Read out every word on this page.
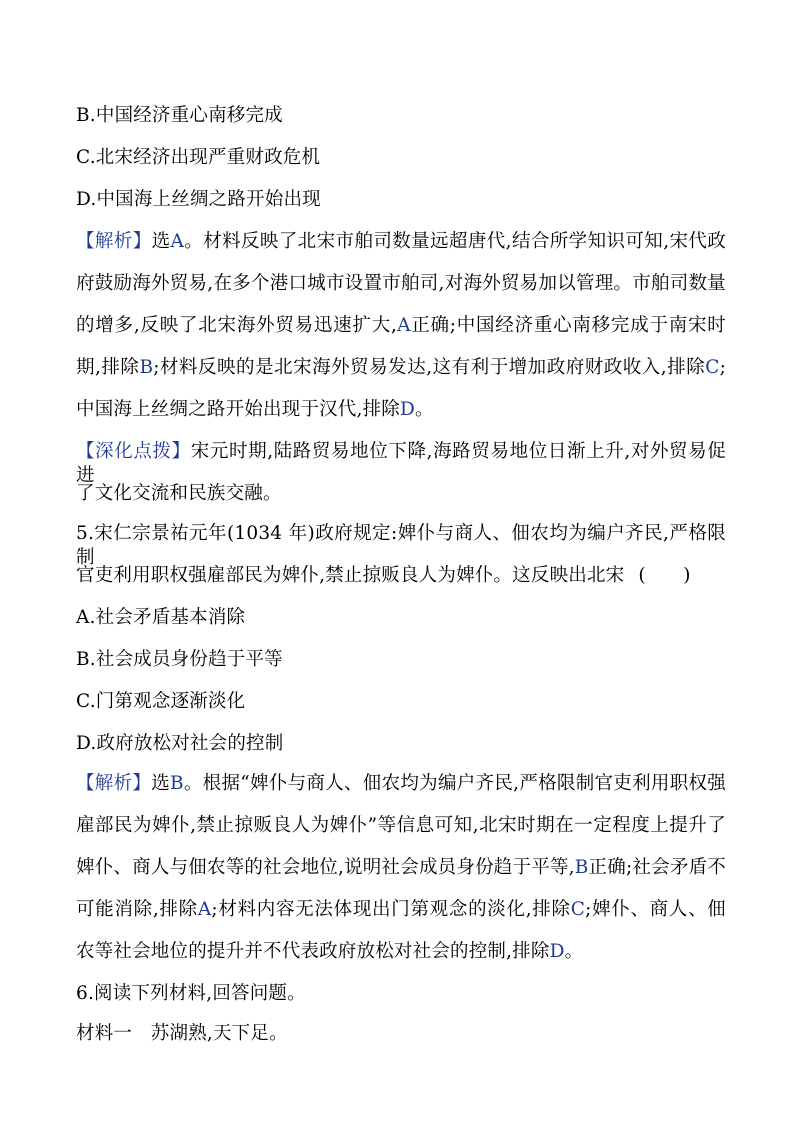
B.中国经济重心南移完成
C.北宋经济出现严重财政危机
D.中国海上丝绸之路开始出现
【解析】选A。材料反映了北宋市舶司数量远超唐代,结合所学知识可知,宋代政
府鼓励海外贸易,在多个港口城市设置市舶司,对海外贸易加以管理。市舶司数量
的增多,反映了北宋海外贸易迅速扩大,A正确;中国经济重心南移完成于南宋时
期,排除B;材料反映的是北宋海外贸易发达,这有利于增加政府财政收入,排除C;
中国海上丝绸之路开始出现于汉代,排除D。
【深化点拨】宋元时期,陆路贸易地位下降,海路贸易地位日渐上升,对外贸易促进
了文化交流和民族交融。
5.宋仁宗景祐元年(1034 年)政府规定:婢仆与商人、佃农均为编户齐民,严格限制
官吏利用职权强雇部民为婢仆,禁止掠贩良人为婢仆。这反映出北宋 (　　)
A.社会矛盾基本消除
B.社会成员身份趋于平等
C.门第观念逐渐淡化
D.政府放松对社会的控制
【解析】选B。根据“婢仆与商人、佃农均为编户齐民,严格限制官吏利用职权强
雇部民为婢仆,禁止掠贩良人为婢仆”等信息可知,北宋时期在一定程度上提升了
婢仆、商人与佃农等的社会地位,说明社会成员身份趋于平等,B正确;社会矛盾不
可能消除,排除A;材料内容无法体现出门第观念的淡化,排除C;婢仆、商人、佃
农等社会地位的提升并不代表政府放松对社会的控制,排除D。
6.阅读下列材料,回答问题。
材料一　苏湖熟,天下足。
